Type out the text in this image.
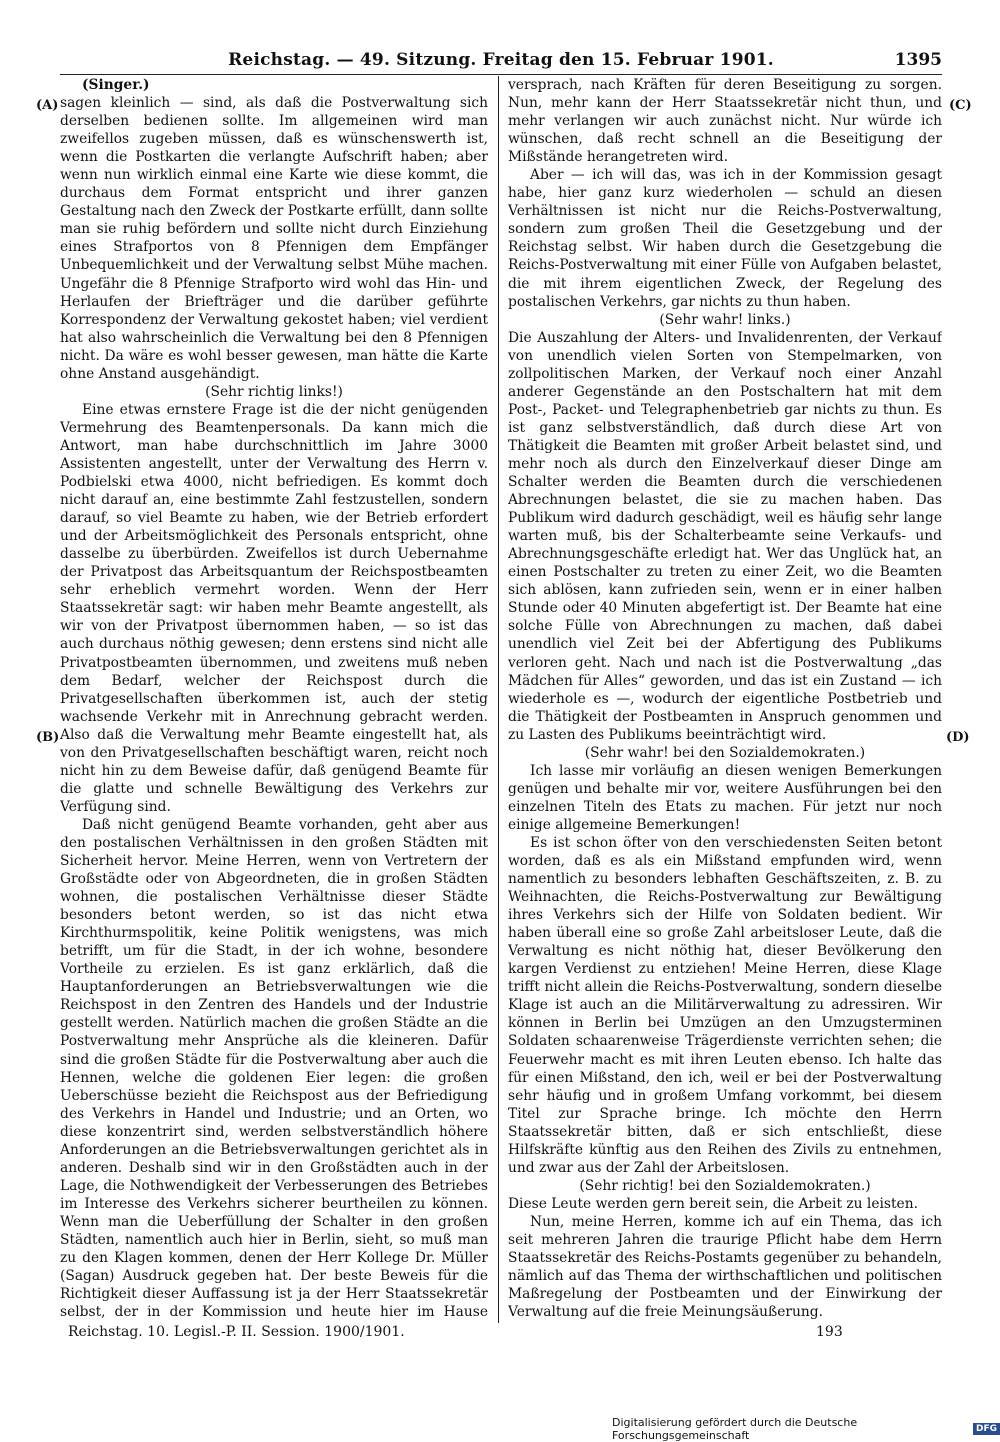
Reichstag. — 49. Sitzung. Freitag den 15. Februar 1901.	1395
(A)
(B)
(C)
(D)

(Singer.)

sagen kleinlich — sind, als daß die Postverwaltung sich derselben bedienen sollte. Im allgemeinen wird man zweifellos zugeben müssen, daß es wünschenswerth ist, wenn die Postkarten die verlangte Aufschrift haben; aber wenn nun wirklich einmal eine Karte wie diese kommt, die durchaus dem Format entspricht und ihrer ganzen Gestaltung nach den Zweck der Postkarte erfüllt, dann sollte man sie ruhig befördern und sollte nicht durch Einziehung eines Strafportos von 8 Pfennigen dem Empfänger Unbequemlichkeit und der Verwaltung selbst Mühe machen. Ungefähr die 8 Pfennige Strafporto wird wohl das Hin- und Herlaufen der Briefträger und die darüber geführte Korrespondenz der Verwaltung gekostet haben; viel verdient hat also wahrscheinlich die Verwaltung bei den 8 Pfennigen nicht. Da wäre es wohl besser gewesen, man hätte die Karte ohne Anstand ausgehändigt.

(Sehr richtig links!)

Eine etwas ernstere Frage ist die der nicht genügenden Vermehrung des Beamtenpersonals. Da kann mich die Antwort, man habe durchschnittlich im Jahre 3000 Assistenten angestellt, unter der Verwaltung des Herrn v. Podbielski etwa 4000, nicht befriedigen. Es kommt doch nicht darauf an, eine bestimmte Zahl festzustellen, sondern darauf, so viel Beamte zu haben, wie der Betrieb erfordert und der Arbeitsmöglichkeit des Personals entspricht, ohne dasselbe zu überbürden. Zweifellos ist durch Uebernahme der Privatpost das Arbeitsquantum der Reichspostbeamten sehr erheblich vermehrt worden. Wenn der Herr Staatssekretär sagt: wir haben mehr Beamte angestellt, als wir von der Privatpost übernommen haben, — so ist das auch durchaus nöthig gewesen; denn erstens sind nicht alle Privatpostbeamten übernommen, und zweitens muß neben dem Bedarf, welcher der Reichspost durch die Privatgesellschaften überkommen ist, auch der stetig wachsende Verkehr mit in Anrechnung gebracht werden. Also daß die Verwaltung mehr Beamte eingestellt hat, als von den Privatgesellschaften beschäftigt waren, reicht noch nicht hin zu dem Beweise dafür, daß genügend Beamte für die glatte und schnelle Bewältigung des Verkehrs zur Verfügung sind.

Daß nicht genügend Beamte vorhanden, geht aber aus den postalischen Verhältnissen in den großen Städten mit Sicherheit hervor. Meine Herren, wenn von Vertretern der Großstädte oder von Abgeordneten, die in großen Städten wohnen, die postalischen Verhältnisse dieser Städte besonders betont werden, so ist das nicht etwa Kirchthurmspolitik, keine Politik wenigstens, was mich betrifft, um für die Stadt, in der ich wohne, besondere Vortheile zu erzielen. Es ist ganz erklärlich, daß die Hauptanforderungen an Betriebsverwaltungen wie die Reichspost in den Zentren des Handels und der Industrie gestellt werden. Natürlich machen die großen Städte an die Postverwaltung mehr Ansprüche als die kleineren. Dafür sind die großen Städte für die Postverwaltung aber auch die Hennen, welche die goldenen Eier legen: die großen Ueberschüsse bezieht die Reichspost aus der Befriedigung des Verkehrs in Handel und Industrie; und an Orten, wo diese konzentrirt sind, werden selbstverständlich höhere Anforderungen an die Betriebsverwaltungen gerichtet als in anderen. Deshalb sind wir in den Großstädten auch in der Lage, die Nothwendigkeit der Verbesserungen des Betriebes im Interesse des Verkehrs sicherer beurtheilen zu können. Wenn man die Ueberfüllung der Schalter in den großen Städten, namentlich auch hier in Berlin, sieht, so muß man zu den Klagen kommen, denen der Herr Kollege Dr. Müller (Sagan) Ausdruck gegeben hat. Der beste Beweis für die Richtigkeit dieser Auffassung ist ja der Herr Staatssekretär selbst, der in der Kommission und heute hier im Hause

versprach, nach Kräften für deren Beseitigung zu sorgen. Nun, mehr kann der Herr Staatssekretär nicht thun, und mehr verlangen wir auch zunächst nicht. Nur würde ich wünschen, daß recht schnell an die Beseitigung der Mißstände herangetreten wird.

Aber — ich will das, was ich in der Kommission gesagt habe, hier ganz kurz wiederholen — schuld an diesen Verhältnissen ist nicht nur die Reichs-Postverwaltung, sondern zum großen Theil die Gesetzgebung und der Reichstag selbst. Wir haben durch die Gesetzgebung die Reichs-Postverwaltung mit einer Fülle von Aufgaben belastet, die mit ihrem eigentlichen Zweck, der Regelung des postalischen Verkehrs, gar nichts zu thun haben.

(Sehr wahr! links.)

Die Auszahlung der Alters- und Invalidenrenten, der Verkauf von unendlich vielen Sorten von Stempelmarken, von zollpolitischen Marken, der Verkauf noch einer Anzahl anderer Gegenstände an den Postschaltern hat mit dem Post-, Packet- und Telegraphenbetrieb gar nichts zu thun. Es ist ganz selbstverständlich, daß durch diese Art von Thätigkeit die Beamten mit großer Arbeit belastet sind, und mehr noch als durch den Einzelverkauf dieser Dinge am Schalter werden die Beamten durch die verschiedenen Abrechnungen belastet, die sie zu machen haben. Das Publikum wird dadurch geschädigt, weil es häufig sehr lange warten muß, bis der Schalterbeamte seine Verkaufs- und Abrechnungsgeschäfte erledigt hat. Wer das Unglück hat, an einen Postschalter zu treten zu einer Zeit, wo die Beamten sich ablösen, kann zufrieden sein, wenn er in einer halben Stunde oder 40 Minuten abgefertigt ist. Der Beamte hat eine solche Fülle von Abrechnungen zu machen, daß dabei unendlich viel Zeit bei der Abfertigung des Publikums verloren geht. Nach und nach ist die Postverwaltung „das Mädchen für Alles“ geworden, und das ist ein Zustand — ich wiederhole es —, wodurch der eigentliche Postbetrieb und die Thätigkeit der Postbeamten in Anspruch genommen und zu Lasten des Publikums beeinträchtigt wird.

(Sehr wahr! bei den Sozialdemokraten.)

Ich lasse mir vorläufig an diesen wenigen Bemerkungen genügen und behalte mir vor, weitere Ausführungen bei den einzelnen Titeln des Etats zu machen. Für jetzt nur noch einige allgemeine Bemerkungen!

Es ist schon öfter von den verschiedensten Seiten betont worden, daß es als ein Mißstand empfunden wird, wenn namentlich zu besonders lebhaften Geschäftszeiten, z. B. zu Weihnachten, die Reichs-Postverwaltung zur Bewältigung ihres Verkehrs sich der Hilfe von Soldaten bedient. Wir haben überall eine so große Zahl arbeitsloser Leute, daß die Verwaltung es nicht nöthig hat, dieser Bevölkerung den kargen Verdienst zu entziehen! Meine Herren, diese Klage trifft nicht allein die Reichs-Postverwaltung, sondern dieselbe Klage ist auch an die Militärverwaltung zu adressiren. Wir können in Berlin bei Umzügen an den Umzugsterminen Soldaten schaarenweise Trägerdienste verrichten sehen; die Feuerwehr macht es mit ihren Leuten ebenso. Ich halte das für einen Mißstand, den ich, weil er bei der Postverwaltung sehr häufig und in großem Umfang vorkommt, bei diesem Titel zur Sprache bringe. Ich möchte den Herrn Staatssekretär bitten, daß er sich entschließt, diese Hilfskräfte künftig aus den Reihen des Zivils zu entnehmen, und zwar aus der Zahl der Arbeitslosen.

(Sehr richtig! bei den Sozialdemokraten.)

Diese Leute werden gern bereit sein, die Arbeit zu leisten.

Nun, meine Herren, komme ich auf ein Thema, das ich seit mehreren Jahren die traurige Pflicht habe dem Herrn Staatssekretär des Reichs-Postamts gegenüber zu behandeln, nämlich auf das Thema der wirthschaftlichen und politischen Maßregelung der Postbeamten und der Einwirkung der Verwaltung auf die freie Meinungsäußerung.

Reichstag. 10. Legisl.-P. II. Session. 1900/1901.	193
Digitalisierung gefördert durch die Deutsche Forschungsgemeinschaft	DFG
